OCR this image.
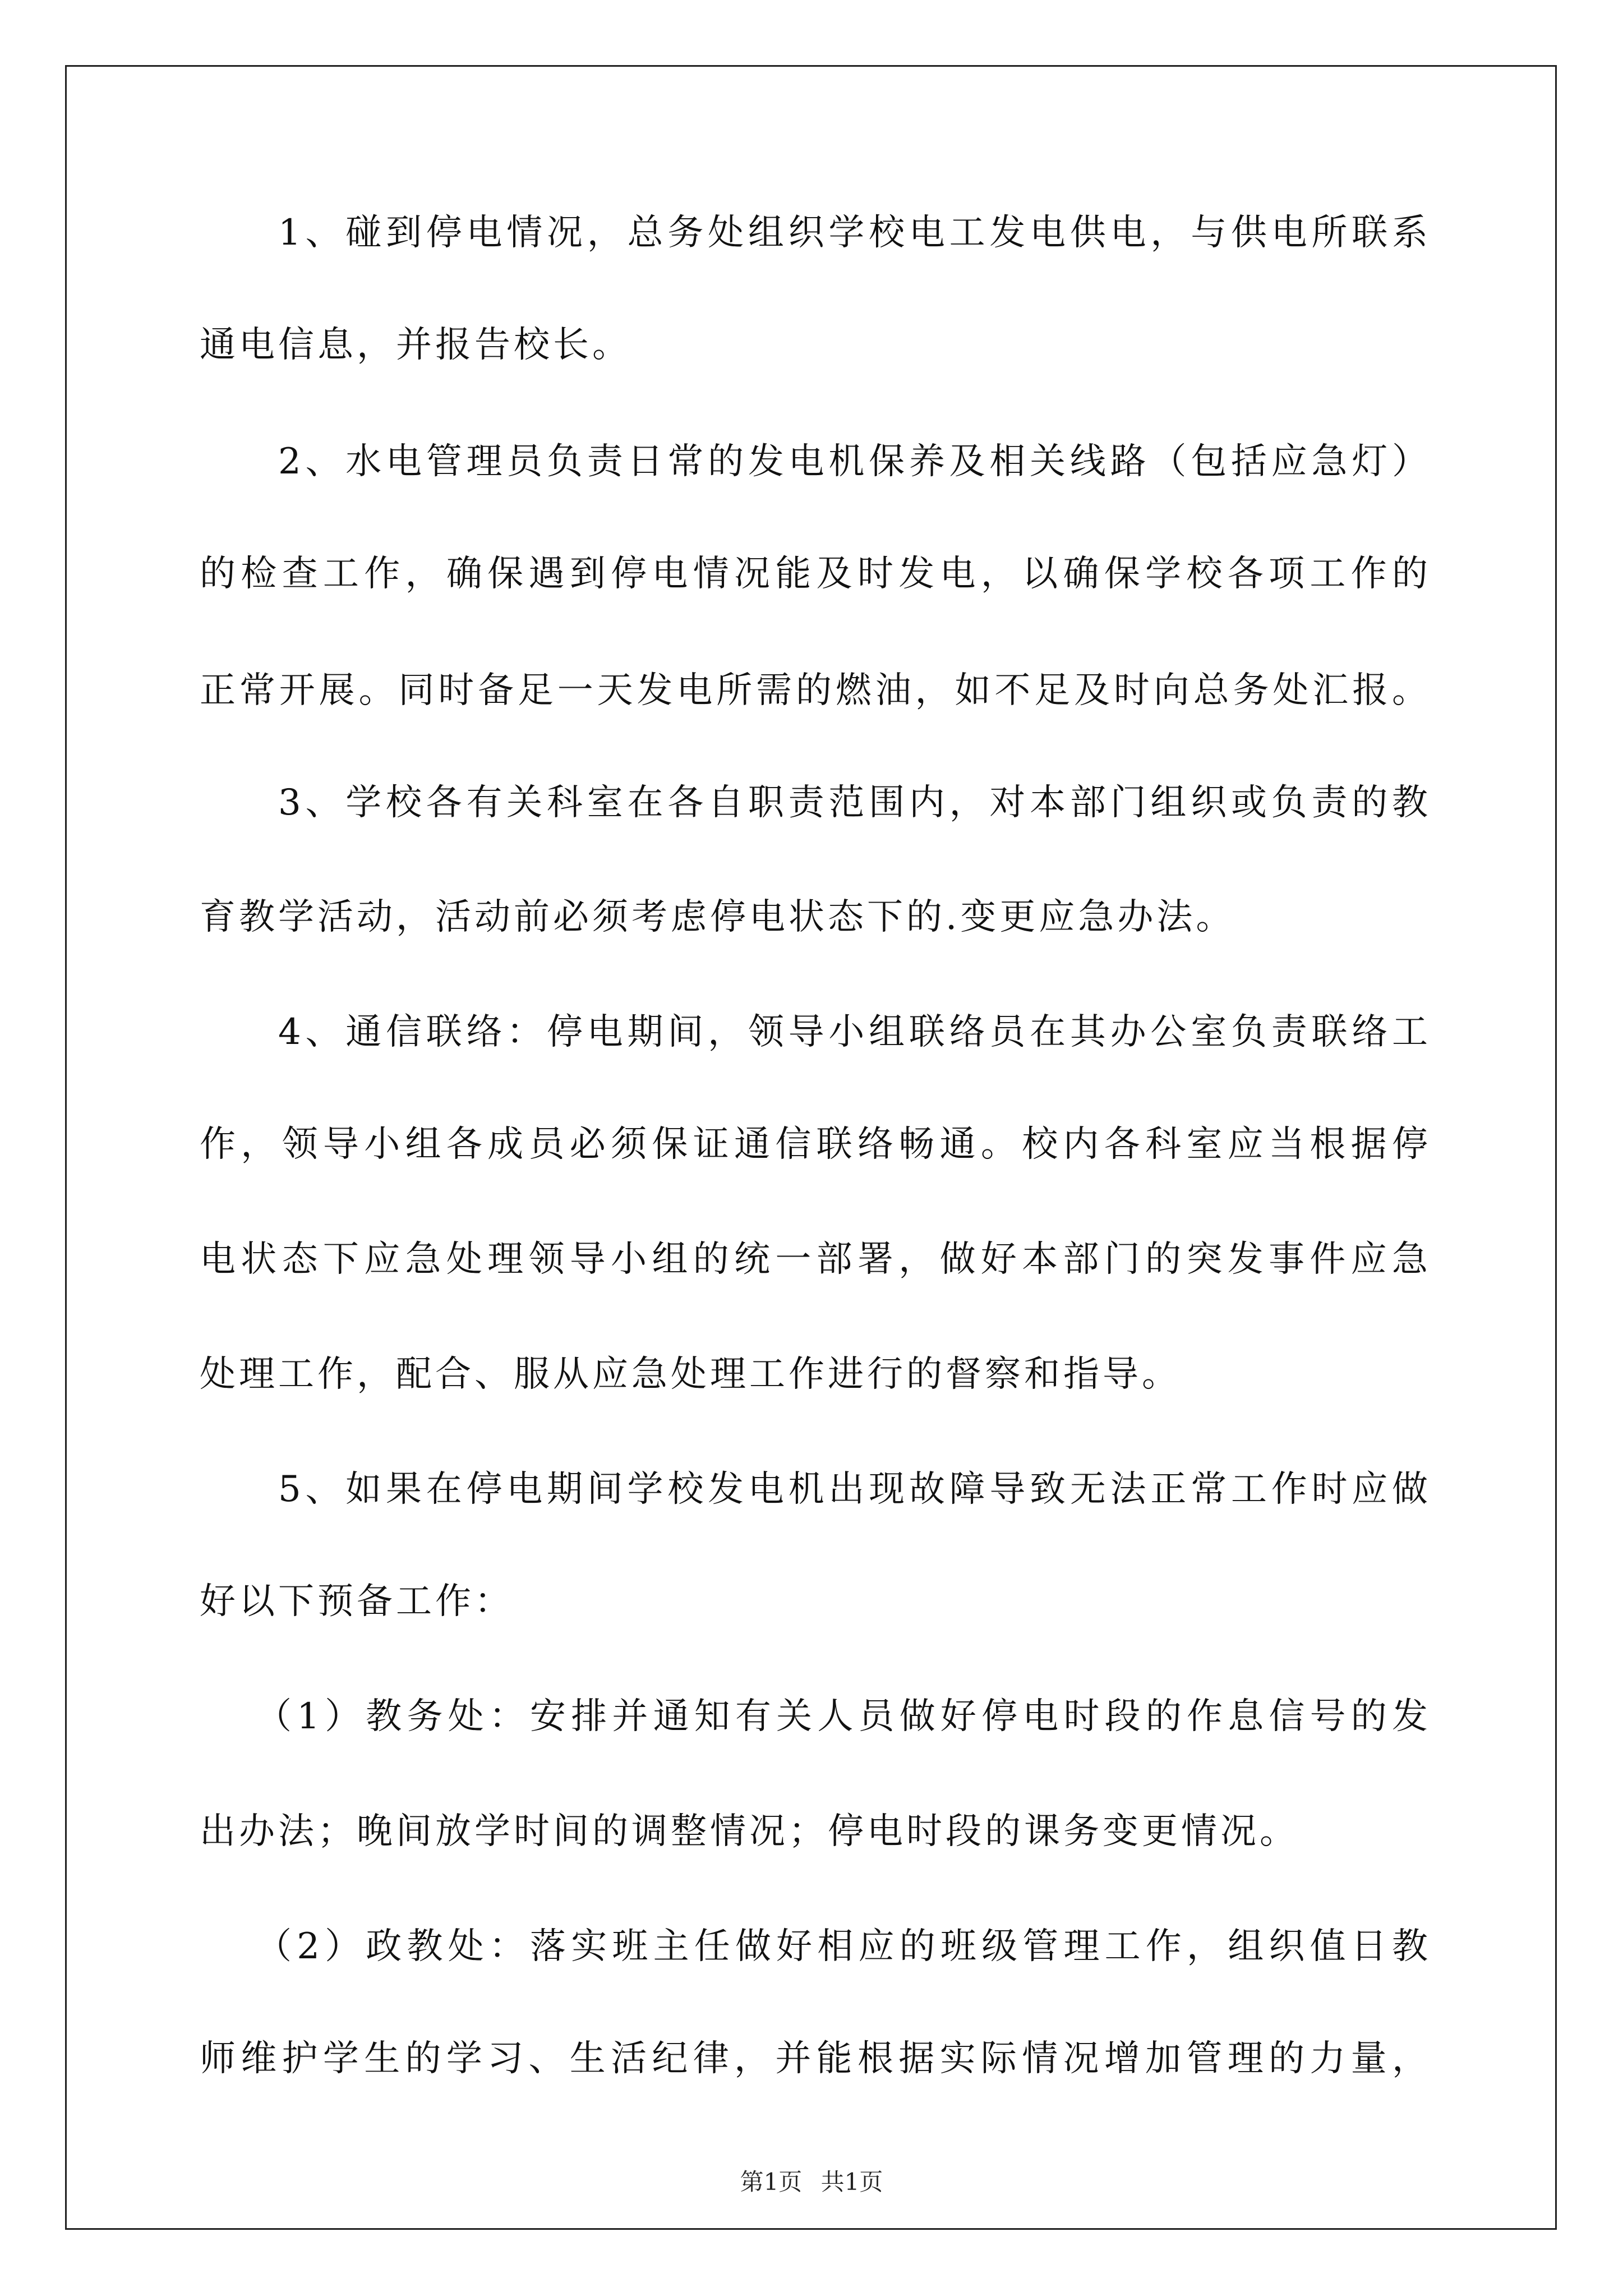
1、碰到停电情况，总务处组织学校电工发电供电，与供电所联系
通电信息，并报告校长。
2、水电管理员负责日常的发电机保养及相关线路（包括应急灯）
的检查工作，确保遇到停电情况能及时发电，以确保学校各项工作的
正常开展。同时备足一天发电所需的燃油，如不足及时向总务处汇报。
3、学校各有关科室在各自职责范围内，对本部门组织或负责的教
育教学活动，活动前必须考虑停电状态下的.变更应急办法。
4、通信联络：停电期间，领导小组联络员在其办公室负责联络工
作，领导小组各成员必须保证通信联络畅通。校内各科室应当根据停
电状态下应急处理领导小组的统一部署，做好本部门的突发事件应急
处理工作，配合、服从应急处理工作进行的督察和指导。
5、如果在停电期间学校发电机出现故障导致无法正常工作时应做
好以下预备工作：
（1）教务处：安排并通知有关人员做好停电时段的作息信号的发
出办法；晚间放学时间的调整情况；停电时段的课务变更情况。
（2）政教处：落实班主任做好相应的班级管理工作，组织值日教
师维护学生的学习、生活纪律，并能根据实际情况增加管理的力量，
第1页 共1页
